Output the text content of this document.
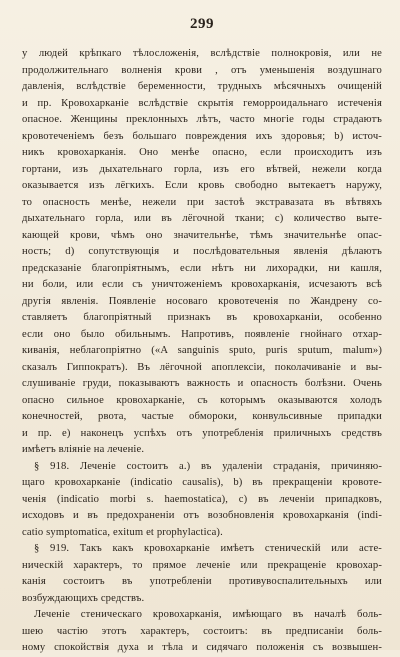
299
у людей крѣпкаго тѣлосложенія, вслѣдствіе полнокровія, или не
продолжительнаго волненія крови , отъ уменьшенія воздушнаго
давленія, вслѣдствіе беременности, трудныхъ мѣсячныхъ очищеній
и пр. Кровохарканіе вслѣдствіе скрытія геморроидальнаго истеченія
опасное. Женщины преклонныхъ лѣтъ, часто многіе годы страдаютъ
кровотеченіемъ безъ большаго повреждения ихъ здоровья; b) источ-
никъ кровохарканія. Оно менѣе опасно, если происходитъ изъ
гортани, изъ дыхательнаго горла, изъ его вѣтвей, нежели когда
оказывается изъ лёгкихъ. Если кровь свободно вытекаетъ наружу,
то опасность менѣе, нежели при застоѣ экстравазата въ вѣтвяхъ
дыхательнаго горла, или въ лёгочной ткани; c) количество выте-
кающей крови, чѣмъ оно значительнѣе, тѣмъ значительнѣе опас-
ность; d) сопутствующія и послѣдовательныя явленія дѣлаютъ
предсказаніе благопріятнымъ, если нѣтъ ни лихорадки, ни кашля,
ни боли, или если съ уничтоженіемъ кровохарканія, исчезаютъ всѣ
другія явленія. Появленіе носоваго кровотеченія по Жандрену со-
ставляетъ благопріятный признакъ въ кровохарканіи, особенно
если оно было обильнымъ. Напротивъ, появленіе гнойнаго отхар-
киванія, неблагопріятно («A sanguinis sputo, puris sputum, malum»)
сказалъ Гиппократъ). Въ лёгочной апоплексіи, поколачиваніе и вы-
слушиваніе груди, показываютъ важность и опасность болѣзни. Очень
опасно сильное кровохарканіе, съ которымъ оказываются холодъ
конечностей, рвота, частые обмороки, конвульсивные припадки
и пр. e) наконецъ успѣхъ отъ употребленія приличныхъ средствъ
имѣетъ вліяніе на леченіе.
§ 918. Леченіе состоитъ a.) въ удаленіи страданія, причиняю-
щаго кровохарканіе (indicatio causalis), b) въ прекращеніи кровоте-
ченія (indicatio morbi s. haemostatica), c) въ леченіи припадковъ,
исходовъ и въ предохраненіи отъ возобновленія кровохарканія (indi-
catio symptomatica, exitum et prophylactica).
§ 919. Такъ какъ кровохарканіе имѣетъ стеническій или асте-
ническій характеръ, то прямое леченіе или прекращеніе кровохар-
канія состоитъ въ употребленіи противувоспалительныхъ или
возбуждающихъ средствъ.
Леченіе стеническаго кровохарканія, имѣющаго въ началѣ боль-
шею частію этотъ характеръ, состоитъ: въ предписаніи боль-
ному спокойствія духа и тѣла и сидячаго положенія съ возвышен-
